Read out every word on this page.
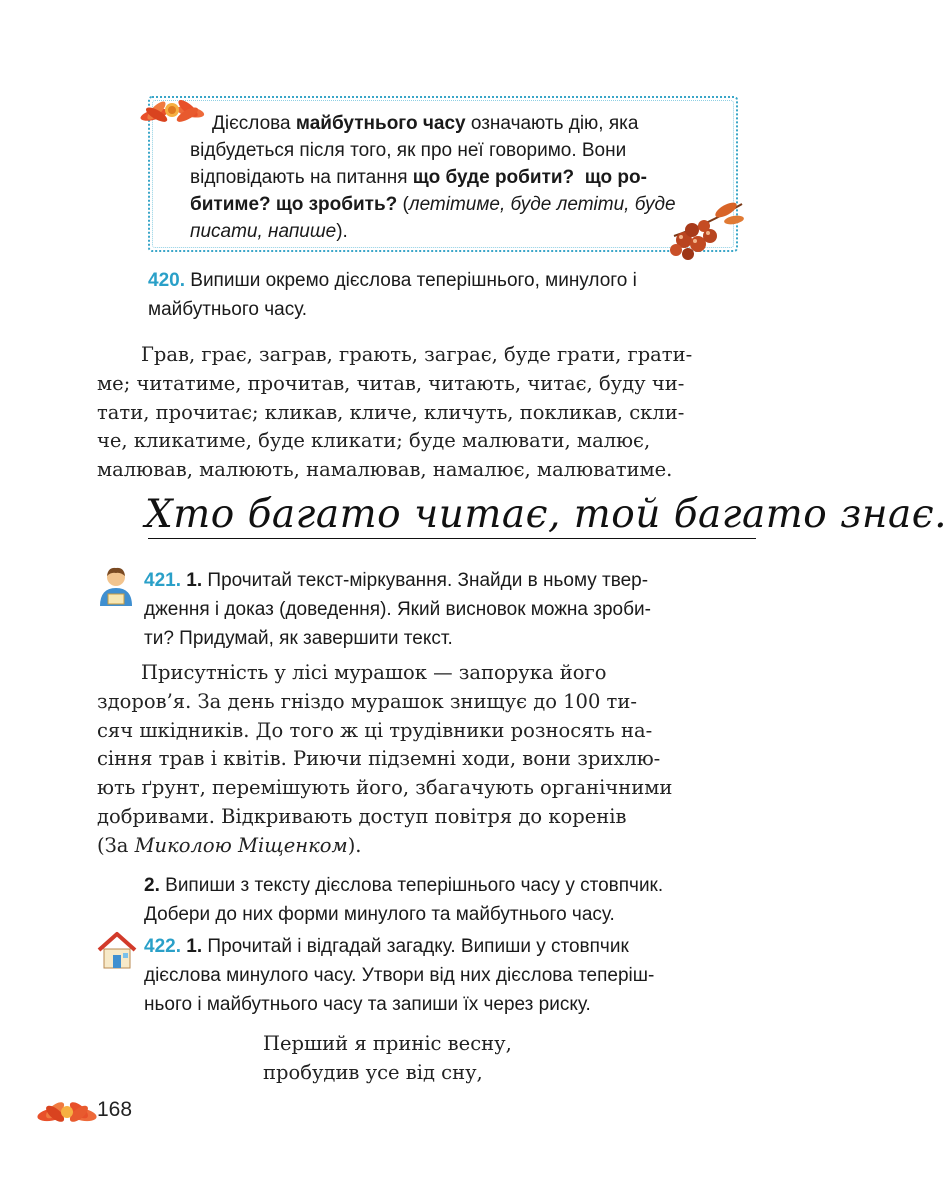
Дієслова майбутнього часу означають дію, яка
відбудеться після того, як про неї говоримо. Вони
відповідають на питання що буде робити? що ро-
битиме? що зробить? (летітиме, буде летіти, буде
писати, напише).
420. Випиши окремо дієслова теперішнього, минулого і
майбутнього часу.
Грав, грає, заграв, грають, заграє, буде грати, грати-
ме; читатиме, прочитав, читав, читають, читає, буду чи-
тати, прочитає; кликав, кличе, кличуть, покликав, скли-
че, кликатиме, буде кликати; буде малювати, малює,
малював, малюють, намалював, намалює, малюватиме.
Хто багато читає, той багато знає.
421. 1. Прочитай текст-міркування. Знайди в ньому твер-
дження і доказ (доведення). Який висновок можна зроби-
ти? Придумай, як завершити текст.
Присутність у лісі мурашок — запорука його
здоров’я. За день гніздо мурашок знищує до 100 ти-
сяч шкідників. До того ж ці трудівники розносять на-
сіння трав і квітів. Риючи підземні ходи, вони зрихлю-
ють ґрунт, перемішують його, збагачують органічними
добривами. Відкривають доступ повітря до коренів
(За Миколою Міщенком).
2. Випиши з тексту дієслова теперішнього часу у стовпчик.
Добери до них форми минулого та майбутнього часу.
422. 1. Прочитай і відгадай загадку. Випиши у стовпчик
дієслова минулого часу. Утвори від них дієслова теперіш-
нього і майбутнього часу та запиши їх через риску.
Перший я приніс весну,
пробудив усе від сну,
168
